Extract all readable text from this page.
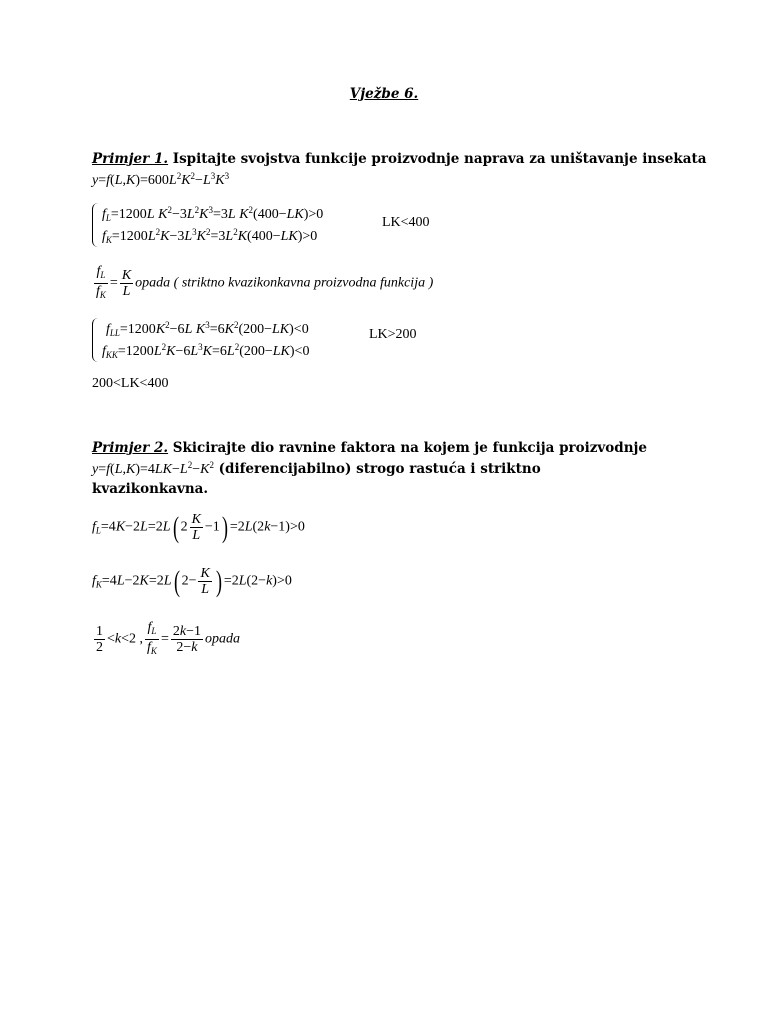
Vježbe 6.
Primjer 1. Ispitajte svojstva funkcije proizvodnje naprava za uništavanje insekata
$y=f(L,K)=600L^2K^2-L^3K^3$
$f_L=1200L$ $K^2-3L^2K^3=3L$ $K^2(400-LK)>0$
$f_K=1200L^2K-3L^3K^2=3L^2K(400-LK)>0$
LK<400
$\frac{f_L}{f_K} = \frac{K}{L}$ opada ( striktno kvazikonkavna proizvodna funkcija )
$f_{LL}=1200K^2-6L$ $K^3=6K^2(200-LK)<0$
$f_{KK}=1200L^2K-6L^3K=6L^2(200-LK)<0$
LK>200
200<LK<400
Primjer 2. Skicirajte dio ravnine faktora na kojem je funkcija proizvodnje
$y=f(L,K)=4LK-L^2-K^2$ (diferencijabilno) strogo rastuća i striktno
kvazikonkavna.
$f_L=4K-2L=2L$( $2 \frac{K}{L} -1) =2L(2k-1)>0$
$f_K=4L-2K=2L$( $2- \frac{K}{L}$ ) =2L(2−k)>0
$\frac{1}{2} <k<2$ , $\frac{f_L}{f_K} = \frac{2k-1}{2-k}$ opada
